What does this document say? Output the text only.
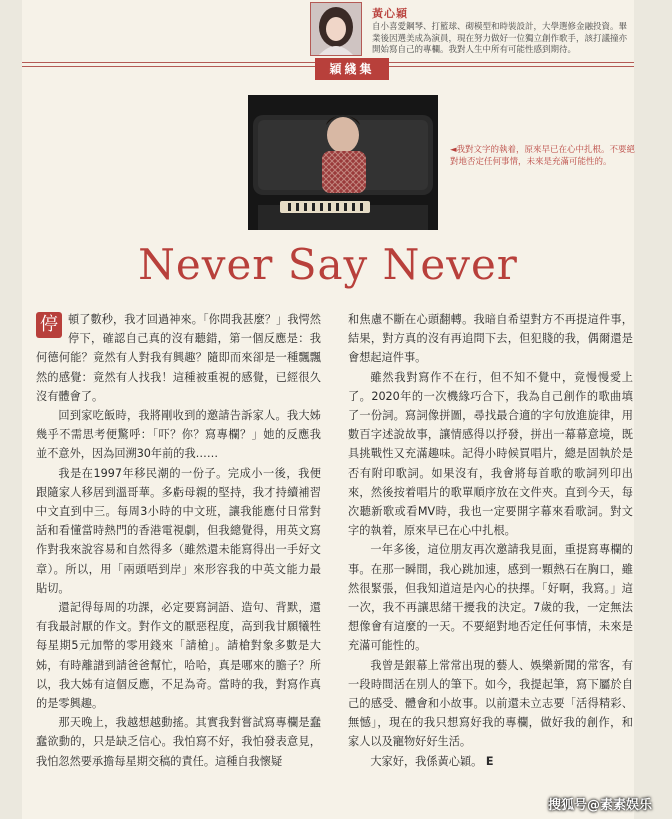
黃心穎
自小喜愛鋼琴、打籃球、砌模型和時裝設計，大學選修金融投資。畢業後因選美成為演員，現在努力做好一位獨立創作歌手，該打議撞亦開始寫自己的專欄。我對人生中所有可能性感到期待。
穎綫集
◄我對文字的執着，原來早已在心中扎根。不要絕對地否定任何事情，未來是充滿可能性的。
Never Say Never

停 頓了數秒，我才回過神來。「你問我甚麼？」我愕然停下，確認自己真的沒有聽錯，第一個反應是：我何德何能？竟然有人對我有興趣？隨即而來卻是一種飄飄然的感覺：竟然有人找我！這種被重視的感覺，已經很久沒有體會了。

回到家吃飯時，我將剛收到的邀請告訴家人。我大姊幾乎不需思考便驚呼：「吓？你？寫專欄？」她的反應我並不意外，因為回溯30年前的我……

我是在1997年移民潮的一份子。完成小一後，我便跟隨家人移居到溫哥華。多虧母親的堅持，我才持續補習中文直到中三。每周3小時的中文班，讓我能應付日常對話和看懂當時熱門的香港電視劇，但我總覺得，用英文寫作對我來說容易和自然得多（雖然還未能寫得出一手好文章）。所以，用「兩頭唔到岸」來形容我的中英文能力最貼切。

還記得每周的功課，必定要寫詞語、造句、背默，還有我最討厭的作文。對作文的厭惡程度，高到我甘願犧牲每星期5元加幣的零用錢來「請槍」。請槍對象多數是大姊，有時離譜到請爸爸幫忙，哈哈，真是哪來的膽子？所以，我大姊有這個反應，不足為奇。當時的我，對寫作真的是零興趣。

那天晚上，我越想越動搖。其實我對嘗試寫專欄是蠢蠢欲動的，只是缺乏信心。我怕寫不好，我怕發表意見，我怕忽然要承擔每星期交稿的責任。這種自我懷疑

和焦慮不斷在心頭翻轉。我暗自希望對方不再提這件事，結果，對方真的沒有再追問下去，但犯賤的我，偶爾還是會想起這件事。

雖然我對寫作不在行，但不知不覺中，竟慢慢愛上了。2020年的一次機緣巧合下，我為自己創作的歌曲填了一份詞。寫詞像拼圖，尋找最合適的字句放進旋律，用數百字述說故事，讓情感得以抒發，拼出一幕幕意境，既具挑戰性又充滿趣味。記得小時候買唱片，總是固執於是否有附印歌詞。如果沒有，我會將每首歌的歌詞列印出來，然後按着唱片的歌單順序放在文件夾。直到今天，每次聽新歌或看MV時，我也一定要開字幕來看歌詞。對文字的執着，原來早已在心中扎根。

一年多後，這位朋友再次邀請我見面，重提寫專欄的事。在那一瞬間，我心跳加速，感到一顆熱石在胸口，雖然很緊張，但我知道這是內心的抉擇。「好啊，我寫。」這一次，我不再讓思緒干擾我的決定。7歲的我，一定無法想像會有這麼的一天。不要絕對地否定任何事情，未來是充滿可能性的。

我曾是銀幕上常常出現的藝人、娛樂新聞的常客，有一段時間活在別人的筆下。如今，我提起筆，寫下屬於自己的感受、體會和小故事。以前還未立志要「活得精彩、無憾」，現在的我只想寫好我的專欄，做好我的創作，和家人以及寵物好好生活。

大家好，我係黃心穎。 E

搜狐号@素素娱乐
